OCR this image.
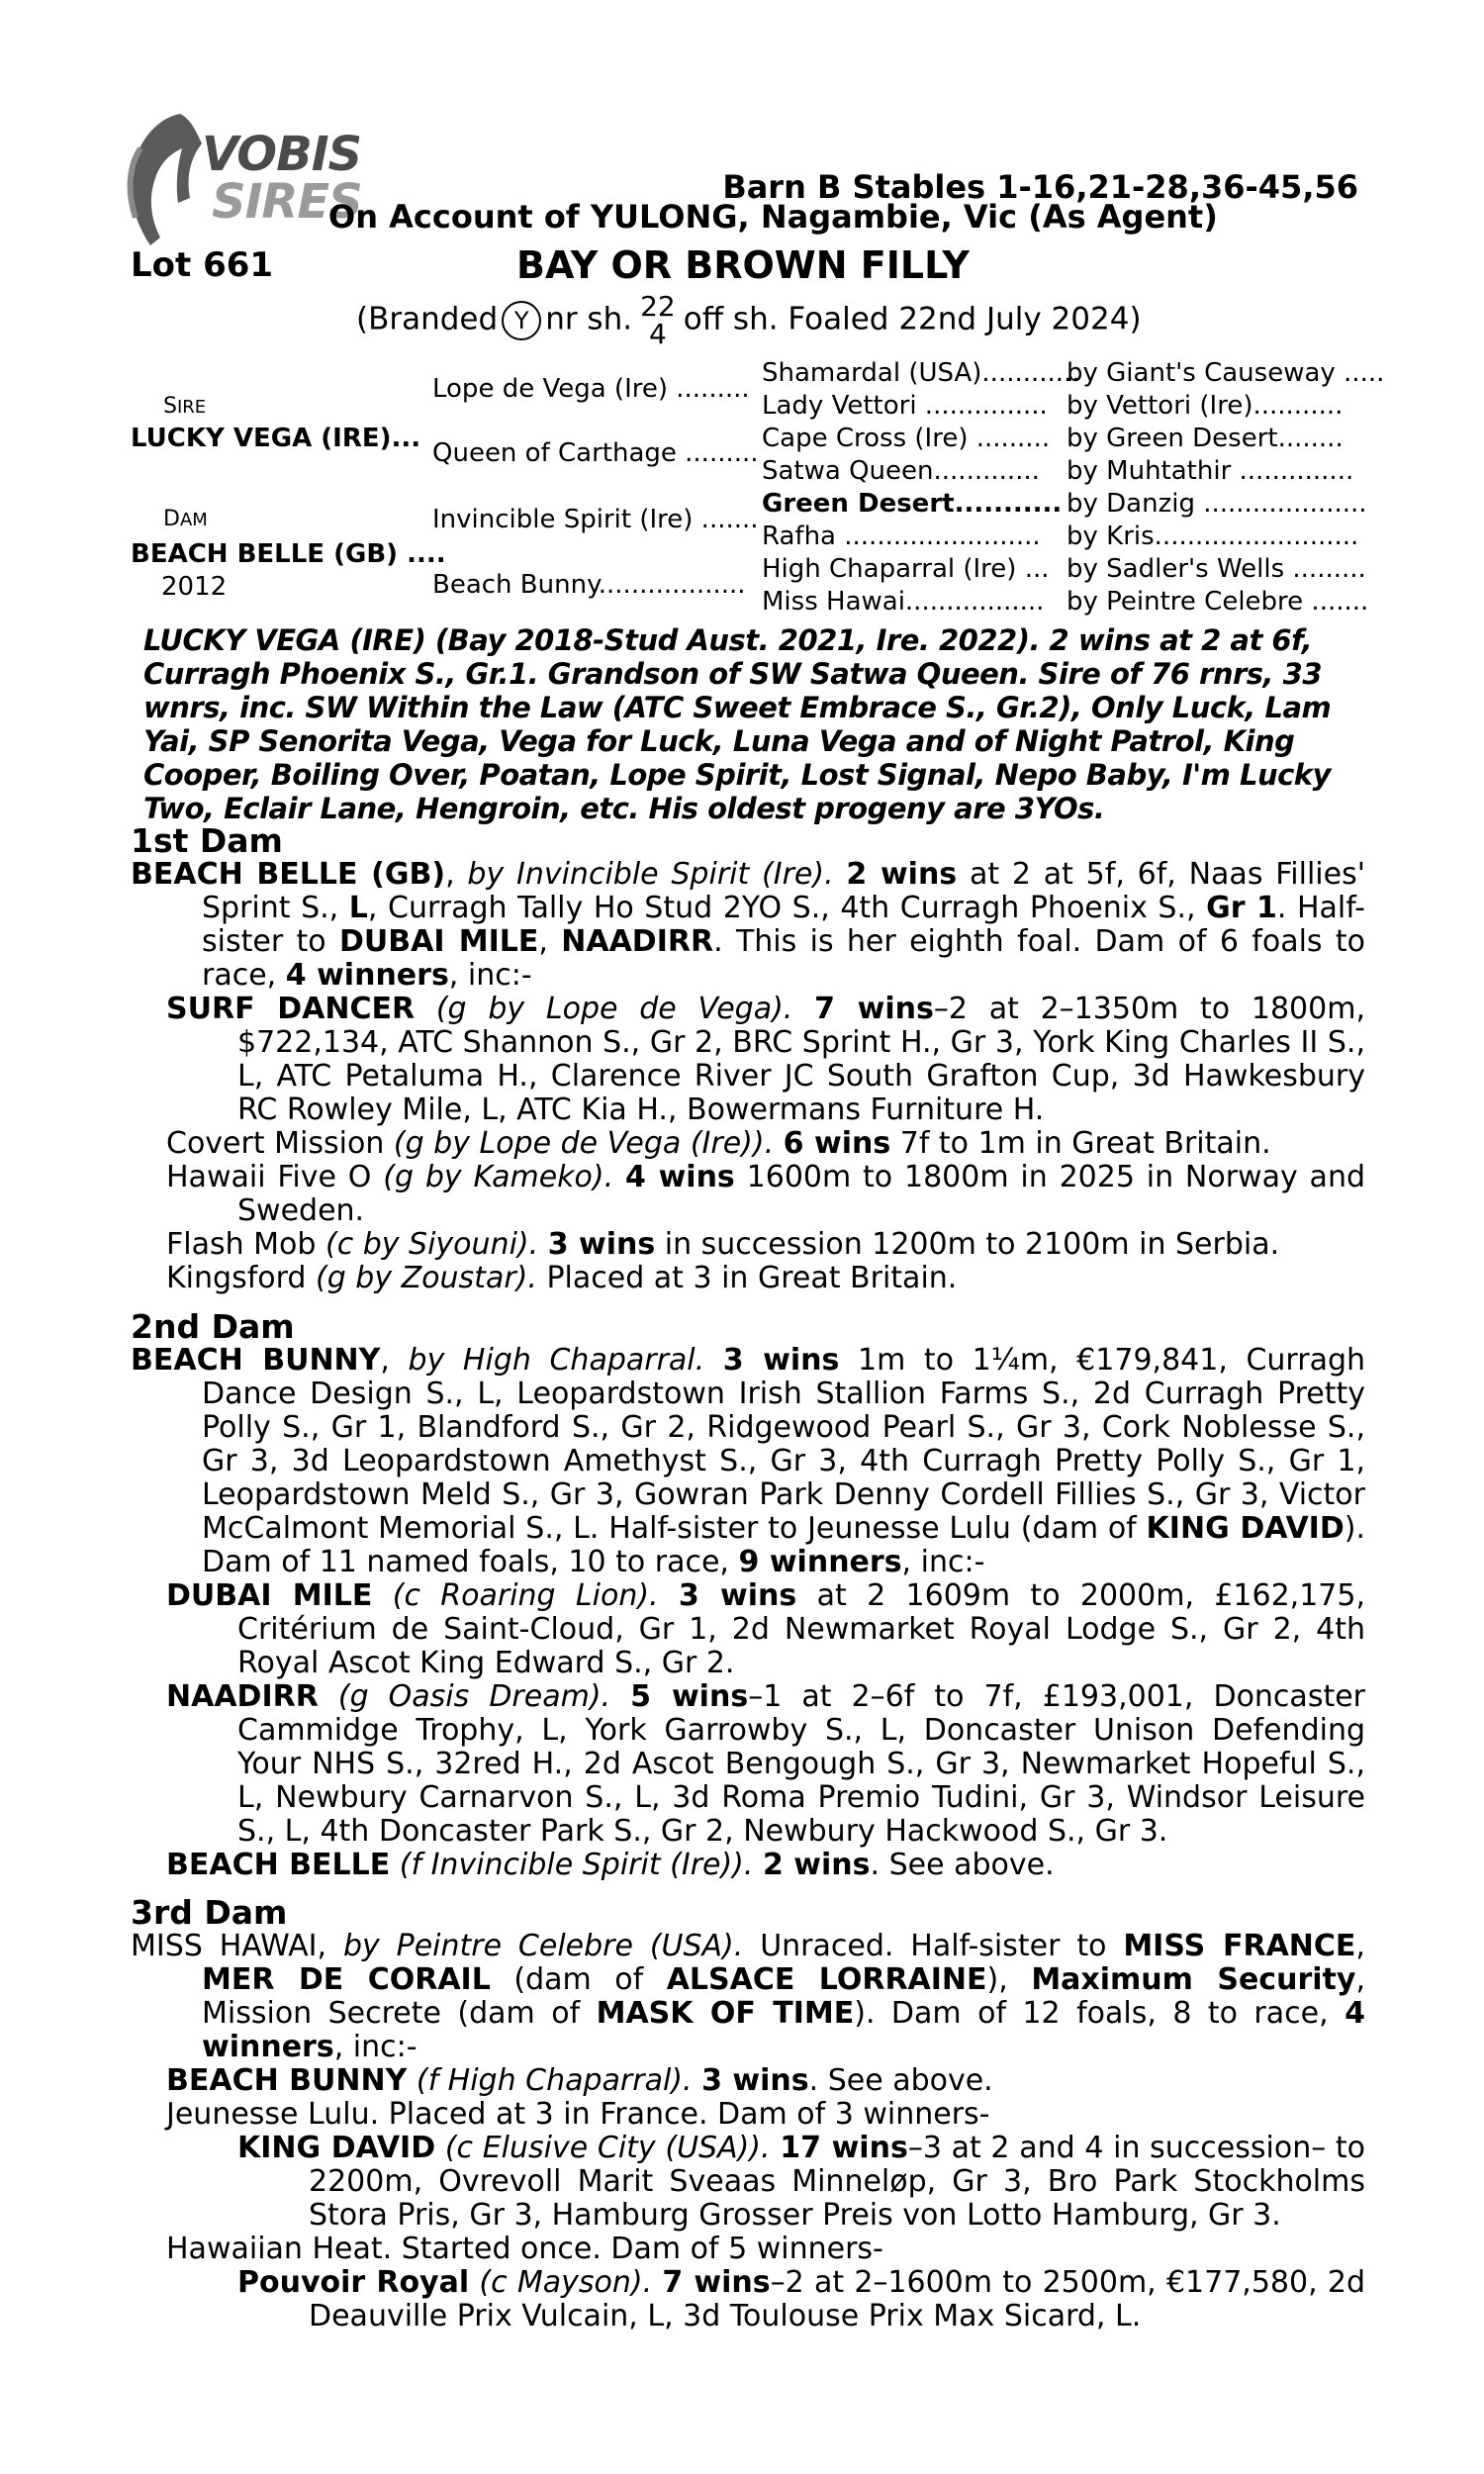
VOBIS
SIRES	Barn B Stables 1-16,21-28,36-45,56
On Account of YULONG, Nagambie, Vic (As Agent)
Lot 661	BAY OR BROWN FILLY
(Branded Y nr sh. 22
4 off sh. Foaled 22nd July 2024)
SIRE
LUCKY VEGA (IRE)...
DAM
BEACH BELLE (GB) ....
2012
Lope de Vega (Ire) .........
Queen of Carthage .........
Invincible Spirit (Ire) .......
Beach Bunny..................
Shamardal (USA)............
Lady Vettori ...............
Cape Cross (Ire) .........
Satwa Queen.............
Green Desert...........
Rafha ........................
High Chaparral (Ire) ...
Miss Hawai.................
by Giant's Causeway .....
by Vettori (Ire)...........
by Green Desert........
by Muhtathir ..............
by Danzig ....................
by Kris.........................
by Sadler's Wells .........
by Peintre Celebre .......
LUCKY VEGA (IRE) (Bay 2018-Stud Aust. 2021, Ire. 2022). 2 wins at 2 at 6f, Curragh Phoenix S., Gr.1. Grandson of SW Satwa Queen. Sire of 76 rnrs, 33 wnrs, inc. SW Within the Law (ATC Sweet Embrace S., Gr.2), Only Luck, Lam Yai, SP Senorita Vega, Vega for Luck, Luna Vega and of Night Patrol, King Cooper, Boiling Over, Poatan, Lope Spirit, Lost Signal, Nepo Baby, I'm Lucky Two, Eclair Lane, Hengroin, etc. His oldest progeny are 3YOs.
1st Dam

BEACH BELLE (GB), by Invincible Spirit (Ire). 2 wins at 2 at 5f, 6f, Naas Fillies' Sprint S., L, Curragh Tally Ho Stud 2YO S., 4th Curragh Phoenix S., Gr 1. Half-sister to DUBAI MILE, NAADIRR. This is her eighth foal. Dam of 6 foals to race, 4 winners, inc:-

SURF DANCER (g by Lope de Vega). 7 wins–2 at 2–1350m to 1800m, $722,134, ATC Shannon S., Gr 2, BRC Sprint H., Gr 3, York King Charles II S., L, ATC Petaluma H., Clarence River JC South Grafton Cup, 3d Hawkesbury RC Rowley Mile, L, ATC Kia H., Bowermans Furniture H.

Covert Mission (g by Lope de Vega (Ire)). 6 wins 7f to 1m in Great Britain.

Hawaii Five O (g by Kameko). 4 wins 1600m to 1800m in 2025 in Norway and Sweden.

Flash Mob (c by Siyouni). 3 wins in succession 1200m to 2100m in Serbia.

Kingsford (g by Zoustar). Placed at 3 in Great Britain.

2nd Dam

BEACH BUNNY, by High Chaparral. 3 wins 1m to 1¼m, €179,841, Curragh Dance Design S., L, Leopardstown Irish Stallion Farms S., 2d Curragh Pretty Polly S., Gr 1, Blandford S., Gr 2, Ridgewood Pearl S., Gr 3, Cork Noblesse S., Gr 3, 3d Leopardstown Amethyst S., Gr 3, 4th Curragh Pretty Polly S., Gr 1, Leopardstown Meld S., Gr 3, Gowran Park Denny Cordell Fillies S., Gr 3, Victor McCalmont Memorial S., L. Half-sister to Jeunesse Lulu (dam of KING DAVID). Dam of 11 named foals, 10 to race, 9 winners, inc:-

DUBAI MILE (c Roaring Lion). 3 wins at 2 1609m to 2000m, £162,175, Critérium de Saint-Cloud, Gr 1, 2d Newmarket Royal Lodge S., Gr 2, 4th Royal Ascot King Edward S., Gr 2.

NAADIRR (g Oasis Dream). 5 wins–1 at 2–6f to 7f, £193,001, Doncaster Cammidge Trophy, L, York Garrowby S., L, Doncaster Unison Defending Your NHS S., 32red H., 2d Ascot Bengough S., Gr 3, Newmarket Hopeful S., L, Newbury Carnarvon S., L, 3d Roma Premio Tudini, Gr 3, Windsor Leisure S., L, 4th Doncaster Park S., Gr 2, Newbury Hackwood S., Gr 3.

BEACH BELLE (f Invincible Spirit (Ire)). 2 wins. See above.

3rd Dam

MISS HAWAI, by Peintre Celebre (USA). Unraced. Half-sister to MISS FRANCE, MER DE CORAIL (dam of ALSACE LORRAINE), Maximum Security, Mission Secrete (dam of MASK OF TIME). Dam of 12 foals, 8 to race, 4 winners, inc:-

BEACH BUNNY (f High Chaparral). 3 wins. See above.

Jeunesse Lulu. Placed at 3 in France. Dam of 3 winners-

KING DAVID (c Elusive City (USA)). 17 wins–3 at 2 and 4 in succession– to 2200m, Ovrevoll Marit Sveaas Minneløp, Gr 3, Bro Park Stockholms Stora Pris, Gr 3, Hamburg Grosser Preis von Lotto Hamburg, Gr 3.

Hawaiian Heat. Started once. Dam of 5 winners-

Pouvoir Royal (c Mayson). 7 wins–2 at 2–1600m to 2500m, €177,580, 2d Deauville Prix Vulcain, L, 3d Toulouse Prix Max Sicard, L.
